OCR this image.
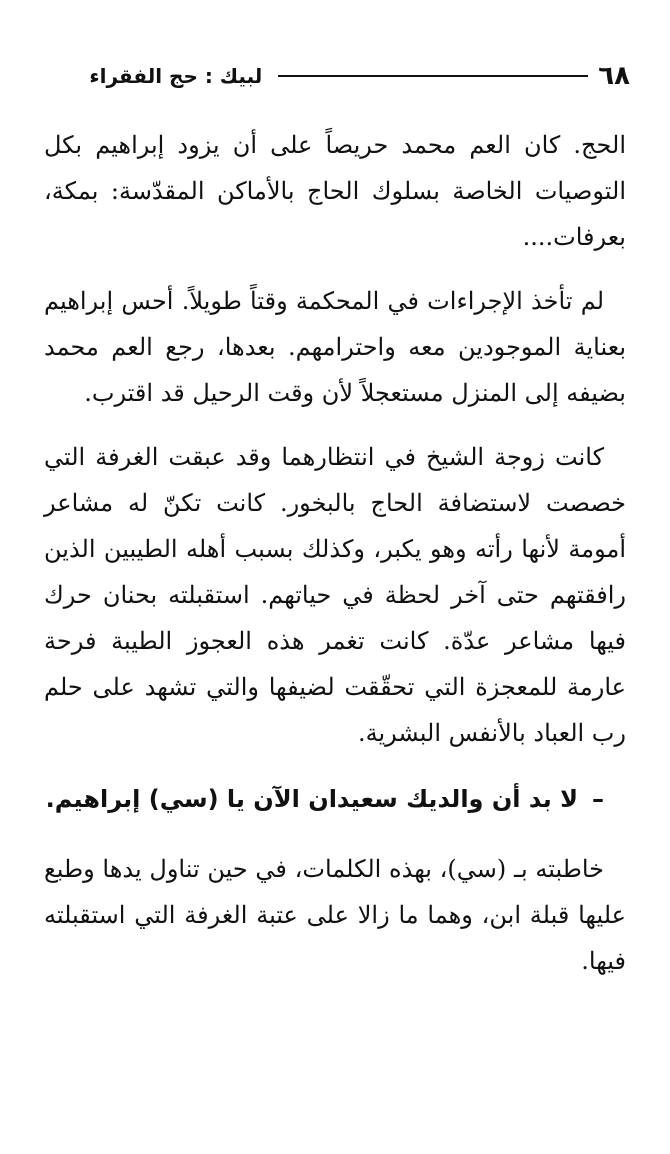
٦٨
لبيك : حج الفقراء

الحج. كان العم محمد حريصاً على أن يزود إبراهيم بكل التوصيات الخاصة بسلوك الحاج بالأماكن المقدّسة: بمكة، بعرفات....

لم تأخذ الإجراءات في المحكمة وقتاً طويلاً. أحس إبراهيم بعناية الموجودين معه واحترامهم. بعدها، رجع العم محمد بضيفه إلى المنزل مستعجلاً لأن وقت الرحيل قد اقترب.

كانت زوجة الشيخ في انتظارهما وقد عبقت الغرفة التي خصصت لاستضافة الحاج بالبخور. كانت تكنّ له مشاعر أمومة لأنها رأته وهو يكبر، وكذلك بسبب أهله الطيبين الذين رافقتهم حتى آخر لحظة في حياتهم. استقبلته بحنان حرك فيها مشاعر عدّة. كانت تغمر هذه العجوز الطيبة فرحة عارمة للمعجزة التي تحقّقت لضيفها والتي تشهد على حلم رب العباد بالأنفس البشرية.

–لا بد أن والديك سعيدان الآن يا (سي) إبراهيم.

خاطبته بـ (سي)، بهذه الكلمات، في حين تناول يدها وطبع عليها قبلة ابن، وهما ما زالا على عتبة الغرفة التي استقبلته فيها.
